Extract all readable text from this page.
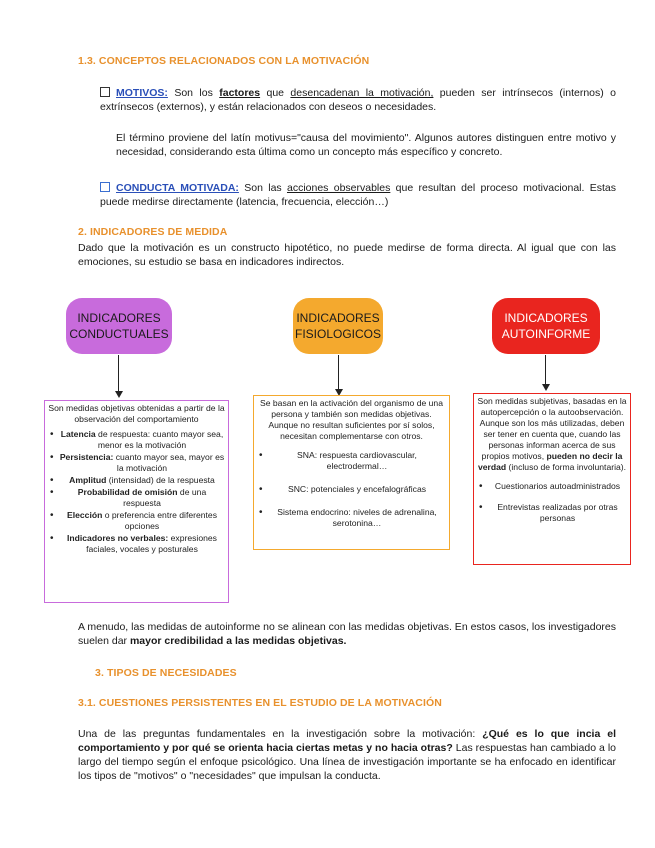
1.3. CONCEPTOS RELACIONADOS CON LA MOTIVACIÓN
MOTIVOS: Son los factores que desencadenan la motivación, pueden ser intrínsecos (internos) o extrínsecos (externos), y están relacionados con deseos o necesidades.
El término proviene del latín motivus="causa del movimiento". Algunos autores distinguen entre motivo y necesidad, considerando esta última como un concepto más específico y concreto.
CONDUCTA MOTIVADA: Son las acciones observables que resultan del proceso motivacional. Estas puede medirse directamente (latencia, frecuencia, elección…)
2. INDICADORES DE MEDIDA
Dado que la motivación es un constructo hipotético, no puede medirse de forma directa. Al igual que con las emociones, su estudio se basa en indicadores indirectos.
INDICADORES CONDUCTUALES
INDICADORES FISIOLOGICOS
INDICADORES AUTOINFORME
Son medidas objetivas obtenidas a partir de la observación del comportamiento
• Latencia de respuesta: cuanto mayor sea, menor es la motivación
• Persistencia: cuanto mayor sea, mayor es la motivación
• Amplitud (intensidad) de la respuesta
• Probabilidad de omisión de una respuesta
• Elección o preferencia entre diferentes opciones
• Indicadores no verbales: expresiones faciales, vocales y posturales
Se basan en la activación del organismo de una persona y también son medidas objetivas. Aunque no resultan suficientes por sí solos, necesitan complementarse con otros.
• SNA: respuesta cardiovascular, electrodermal…
• SNC: potenciales y encefalográficas
• Sistema endocrino: niveles de adrenalina, serotonina…
Son medidas subjetivas, basadas en la autopercepción o la autoobservación. Aunque son los más utilizadas, deben ser tener en cuenta que, cuando las personas informan acerca de sus propios motivos, pueden no decir la verdad (incluso de forma involuntaria).
• Cuestionarios autoadministrados
• Entrevistas realizadas por otras personas
A menudo, las medidas de autoinforme no se alinean con las medidas objetivas. En estos casos, los investigadores suelen dar mayor credibilidad a las medidas objetivas.
3. TIPOS DE NECESIDADES
3.1. CUESTIONES PERSISTENTES EN EL ESTUDIO DE LA MOTIVACIÓN
Una de las preguntas fundamentales en la investigación sobre la motivación: ¿Qué es lo que incia el comportamiento y por qué se orienta hacia ciertas metas y no hacia otras? Las respuestas han cambiado a lo largo del tiempo según el enfoque psicológico. Una línea de investigación importante se ha enfocado en identificar los tipos de "motivos" o "necesidades" que impulsan la conducta.
